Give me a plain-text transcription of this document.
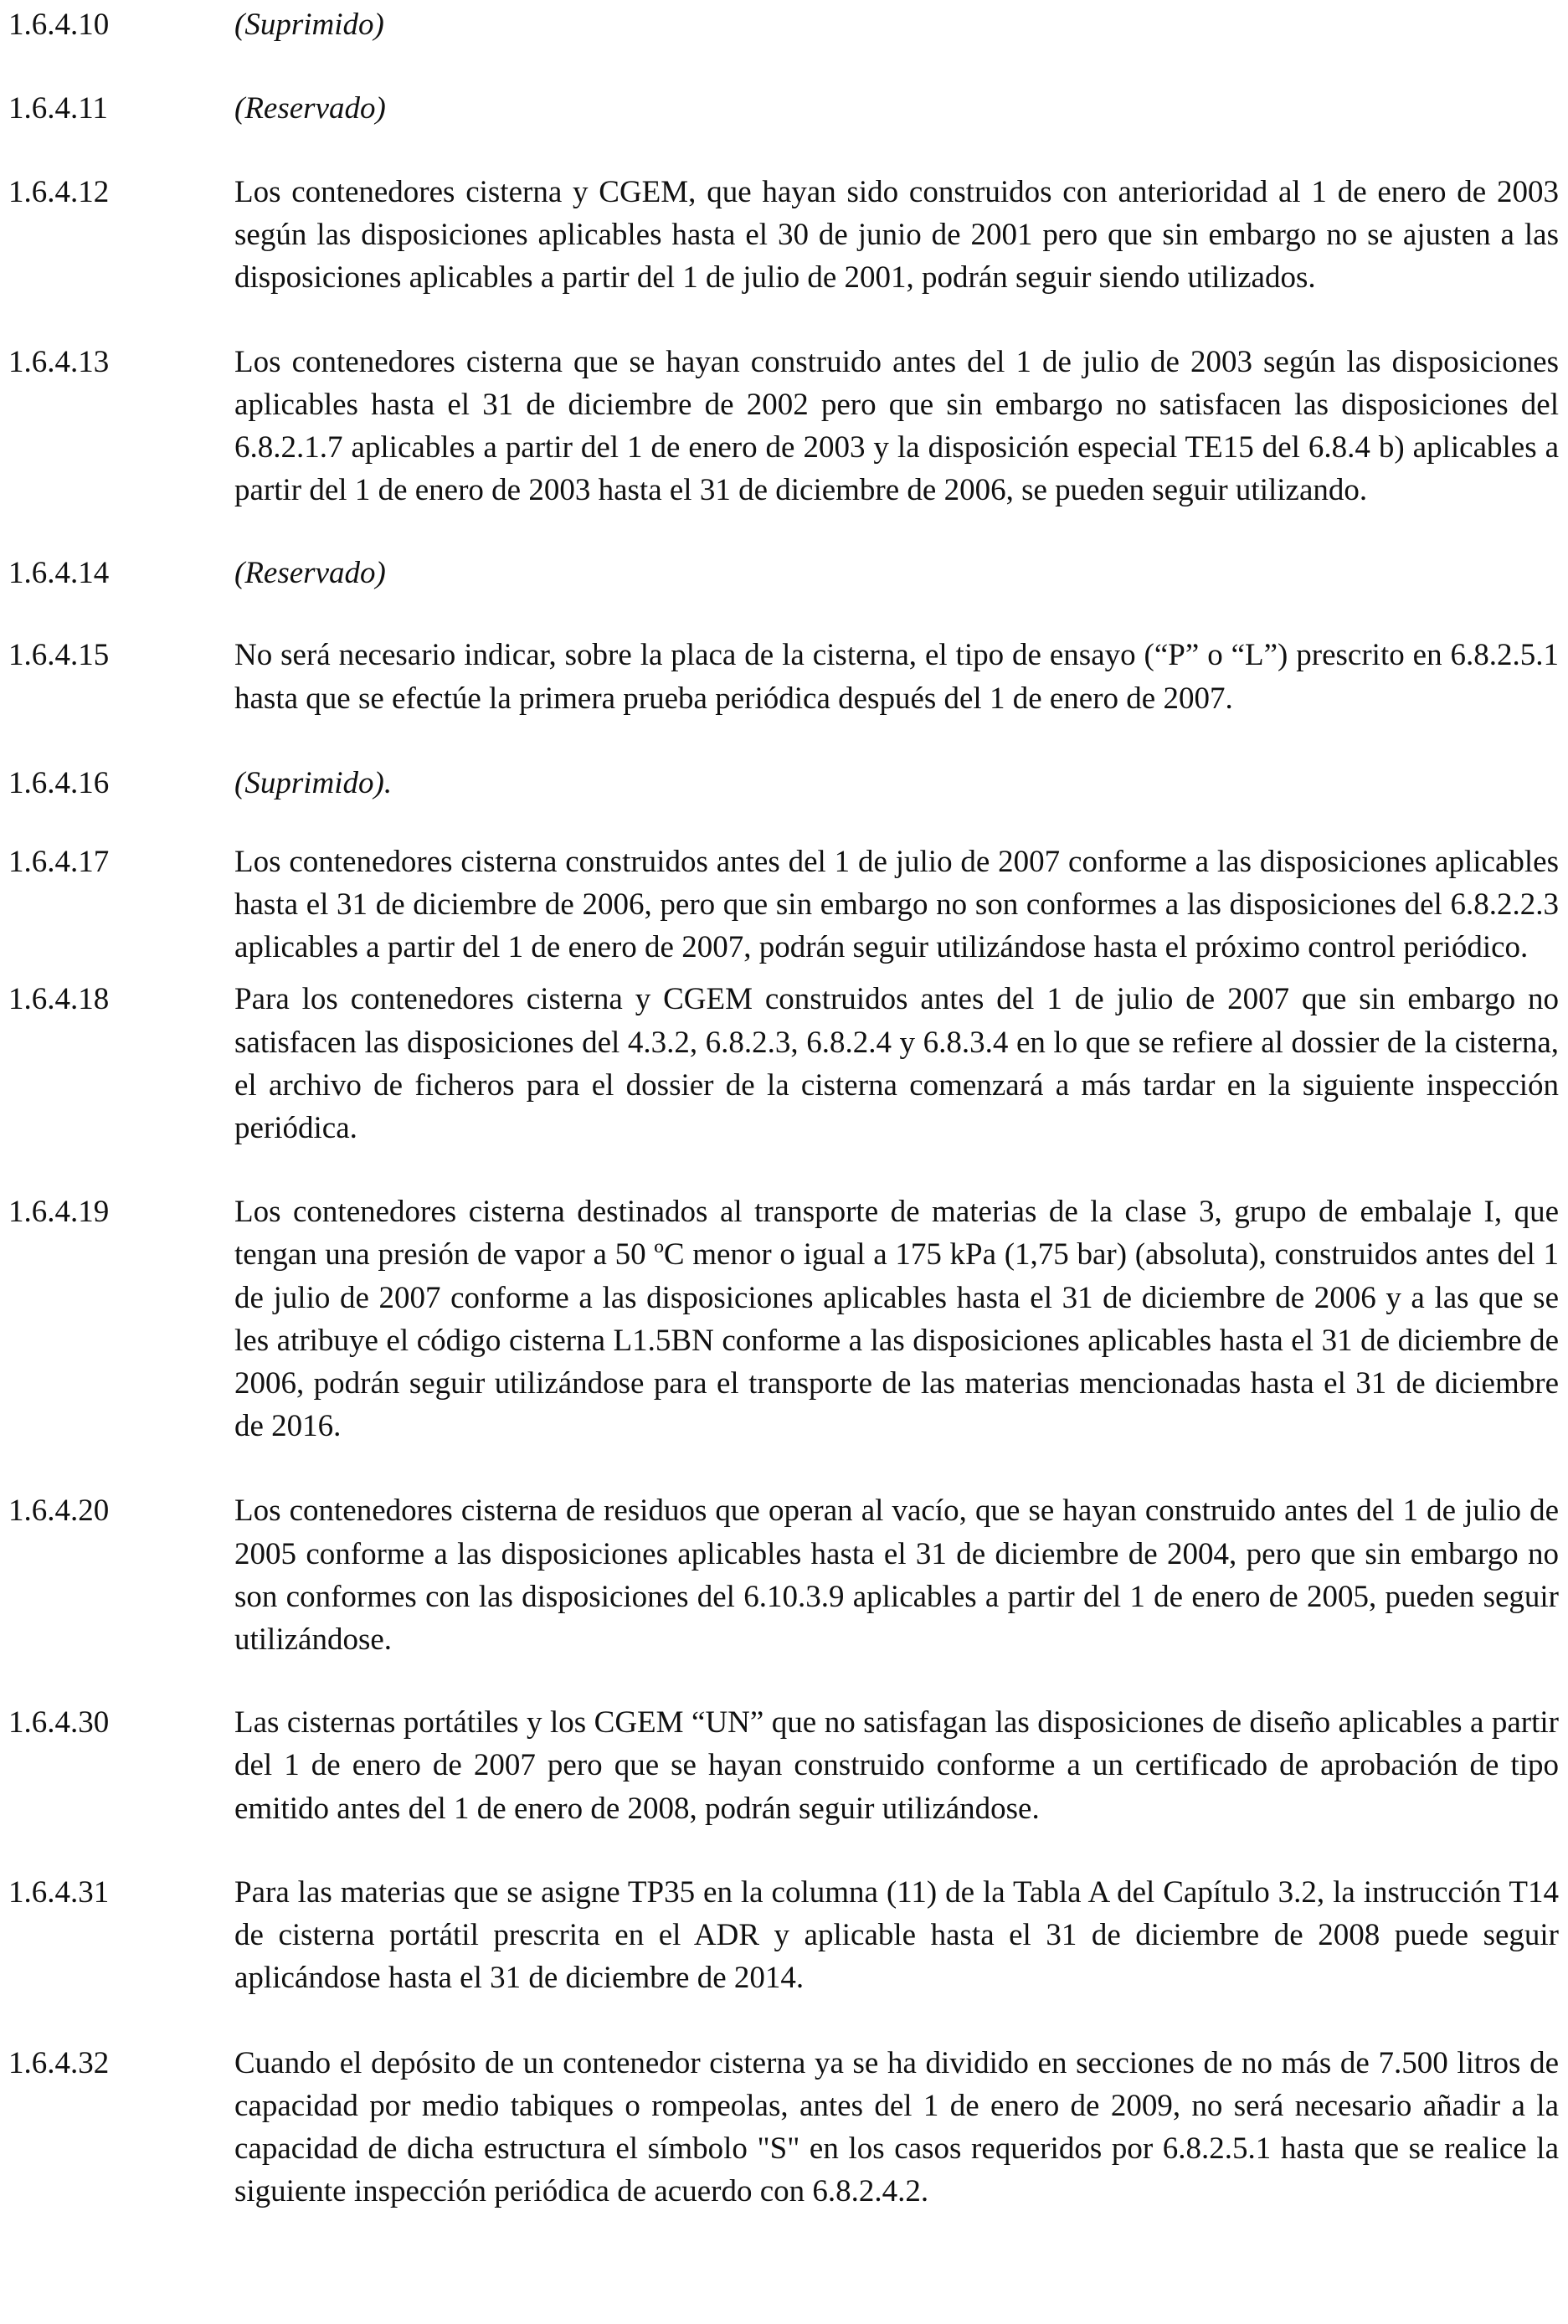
1.6.4.10	(Suprimido)
1.6.4.11	(Reservado)
1.6.4.12	Los contenedores cisterna y CGEM, que hayan sido construidos con anterioridad al 1 de enero de 2003 según las disposiciones aplicables hasta el 30 de junio de 2001 pero que sin embargo no se ajusten a las disposiciones aplicables a partir del 1 de julio de 2001, podrán seguir siendo utilizados.
1.6.4.13	Los contenedores cisterna que se hayan construido antes del 1 de julio de 2003 según las disposiciones aplicables hasta el 31 de diciembre de 2002 pero que sin embargo no satisfacen las disposiciones del 6.8.2.1.7 aplicables a partir del 1 de enero de 2003 y la disposición especial TE15 del 6.8.4 b) aplicables a partir del 1 de enero de 2003 hasta el 31 de diciembre de 2006, se pueden seguir utilizando.
1.6.4.14	(Reservado)
1.6.4.15	No será necesario indicar, sobre la placa de la cisterna, el tipo de ensayo (“P” o “L”) prescrito en 6.8.2.5.1 hasta que se efectúe la primera prueba periódica después del 1 de enero de 2007.
1.6.4.16	(Suprimido).
1.6.4.17	Los contenedores cisterna construidos antes del 1 de julio de 2007 conforme a las disposiciones aplicables hasta el 31 de diciembre de 2006, pero que sin embargo no son conformes a las disposiciones del 6.8.2.2.3 aplicables a partir del 1 de enero de 2007, podrán seguir utilizándose hasta el próximo control periódico.
1.6.4.18	Para los contenedores cisterna y CGEM construidos antes del 1 de julio de 2007 que sin embargo no satisfacen las disposiciones del 4.3.2, 6.8.2.3, 6.8.2.4 y 6.8.3.4 en lo que se refiere al dossier de la cisterna, el archivo de ficheros para el dossier de la cisterna comenzará a más tardar en la siguiente inspección periódica.
1.6.4.19	Los contenedores cisterna destinados al transporte de materias de la clase 3, grupo de embalaje I, que tengan una presión de vapor a 50 ºC menor o igual a 175 kPa (1,75 bar) (absoluta), construidos antes del 1 de julio de 2007 conforme a las disposiciones aplicables hasta el 31 de diciembre de 2006 y a las que se les atribuye el código cisterna L1.5BN conforme a las disposiciones aplicables hasta el 31 de diciembre de 2006, podrán seguir utilizándose para el transporte de las materias mencionadas hasta el 31 de diciembre de 2016.
1.6.4.20	Los contenedores cisterna de residuos que operan al vacío, que se hayan construido antes del 1 de julio de 2005 conforme a las disposiciones aplicables hasta el 31 de diciembre de 2004, pero que sin embargo no son conformes con las disposiciones del 6.10.3.9 aplicables a partir del 1 de enero de 2005, pueden seguir utilizándose.
1.6.4.30	Las cisternas portátiles y los CGEM “UN” que no satisfagan las disposiciones de diseño aplicables a partir del 1 de enero de 2007 pero que se hayan construido conforme a un certificado de aprobación de tipo emitido antes del 1 de enero de 2008, podrán seguir utilizándose.
1.6.4.31	Para las materias que se asigne TP35 en la columna (11) de la Tabla A del Capítulo 3.2, la instrucción T14 de cisterna portátil prescrita en el ADR y aplicable hasta el 31 de diciembre de 2008 puede seguir aplicándose hasta el 31 de diciembre de 2014.
1.6.4.32	Cuando el depósito de un contenedor cisterna ya se ha dividido en secciones de no más de 7.500 litros de capacidad por medio tabiques o rompeolas, antes del 1 de enero de 2009, no será necesario añadir a la capacidad de dicha estructura el símbolo "S" en los casos requeridos por 6.8.2.5.1 hasta que se realice la siguiente inspección periódica de acuerdo con 6.8.2.4.2.
